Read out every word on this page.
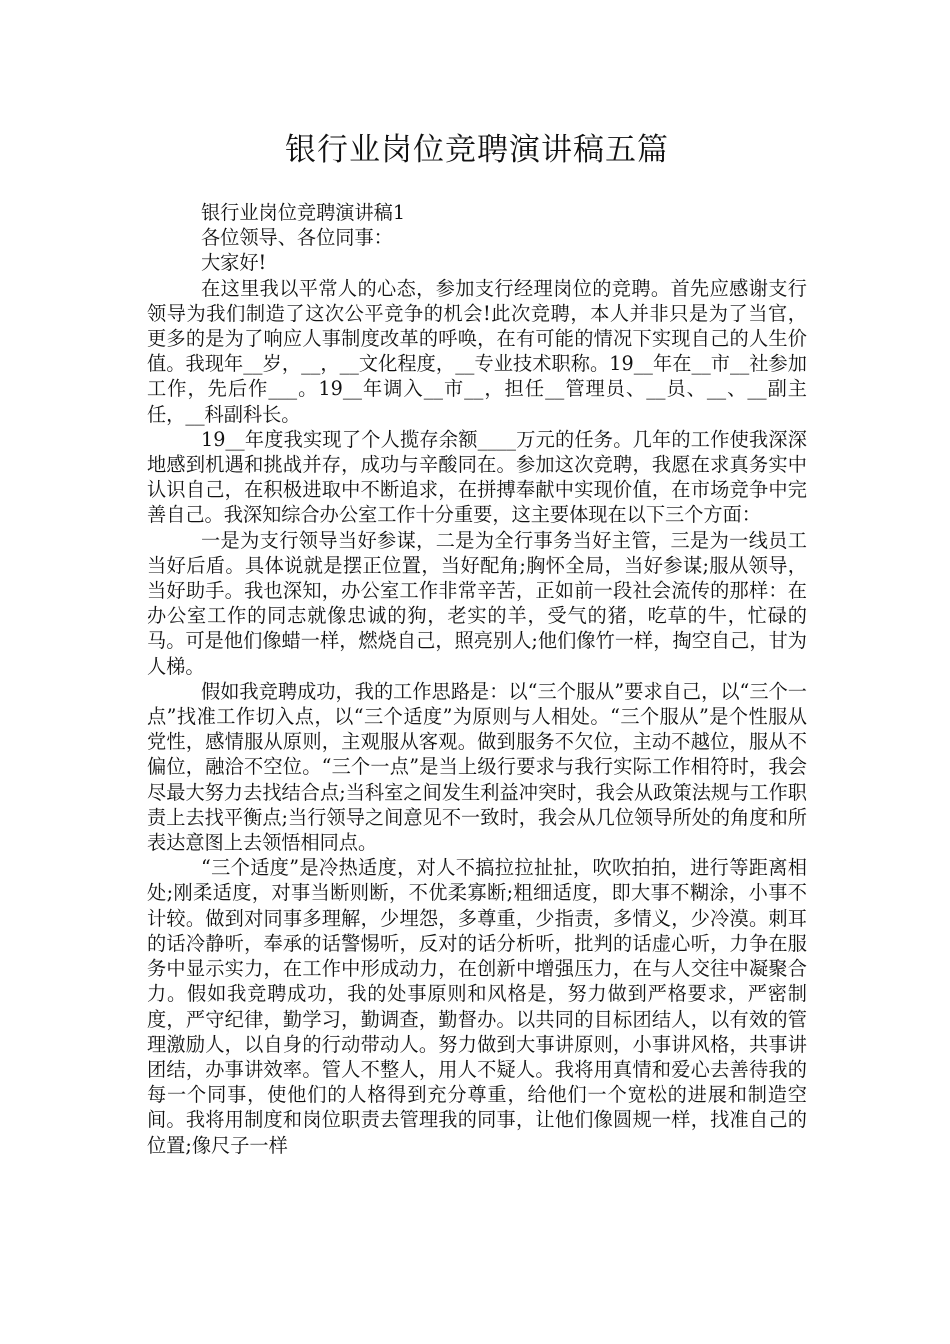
银行业岗位竞聘演讲稿五篇

银行业岗位竞聘演讲稿1

各位领导、各位同事：

大家好!

在这里我以平常人的心态，参加支行经理岗位的竞聘。首先应感谢支行领导为我们制造了这次公平竞争的机会!此次竞聘，本人并非只是为了当官，更多的是为了响应人事制度改革的呼唤，在有可能的情况下实现自己的人生价值。我现年__岁，__，__文化程度，__专业技术职称。19__年在__市__社参加工作，先后作___。19__年调入__市__，担任__管理员、__员、__、__副主任，__科副科长。

19__年度我实现了个人揽存余额____万元的任务。几年的工作使我深深地感到机遇和挑战并存，成功与辛酸同在。参加这次竞聘，我愿在求真务实中认识自己，在积极进取中不断追求，在拼搏奉献中实现价值，在市场竞争中完善自己。我深知综合办公室工作十分重要，这主要体现在以下三个方面：

一是为支行领导当好参谋，二是为全行事务当好主管，三是为一线员工当好后盾。具体说就是摆正位置，当好配角;胸怀全局，当好参谋;服从领导，当好助手。我也深知，办公室工作非常辛苦，正如前一段社会流传的那样：在办公室工作的同志就像忠诚的狗，老实的羊，受气的猪，吃草的牛，忙碌的马。可是他们像蜡一样，燃烧自己，照亮别人;他们像竹一样，掏空自己，甘为人梯。

假如我竞聘成功，我的工作思路是：以“三个服从”要求自己，以“三个一点”找准工作切入点，以“三个适度”为原则与人相处。“三个服从”是个性服从党性，感情服从原则，主观服从客观。做到服务不欠位，主动不越位，服从不偏位，融洽不空位。“三个一点”是当上级行要求与我行实际工作相符时，我会尽最大努力去找结合点;当科室之间发生利益冲突时，我会从政策法规与工作职责上去找平衡点;当行领导之间意见不一致时，我会从几位领导所处的角度和所表达意图上去领悟相同点。

“三个适度”是冷热适度，对人不搞拉拉扯扯，吹吹拍拍，进行等距离相处;刚柔适度，对事当断则断，不优柔寡断;粗细适度，即大事不糊涂，小事不计较。做到对同事多理解，少埋怨，多尊重，少指责，多情义，少冷漠。刺耳的话冷静听，奉承的话警惕听，反对的话分析听，批判的话虚心听，力争在服务中显示实力，在工作中形成动力，在创新中增强压力，在与人交往中凝聚合力。假如我竞聘成功，我的处事原则和风格是，努力做到严格要求，严密制度，严守纪律，勤学习，勤调查，勤督办。以共同的目标团结人，以有效的管理激励人，以自身的行动带动人。努力做到大事讲原则，小事讲风格，共事讲团结，办事讲效率。管人不整人，用人不疑人。我将用真情和爱心去善待我的每一个同事，使他们的人格得到充分尊重，给他们一个宽松的进展和制造空间。我将用制度和岗位职责去管理我的同事，让他们像圆规一样，找准自己的位置;像尺子一样
